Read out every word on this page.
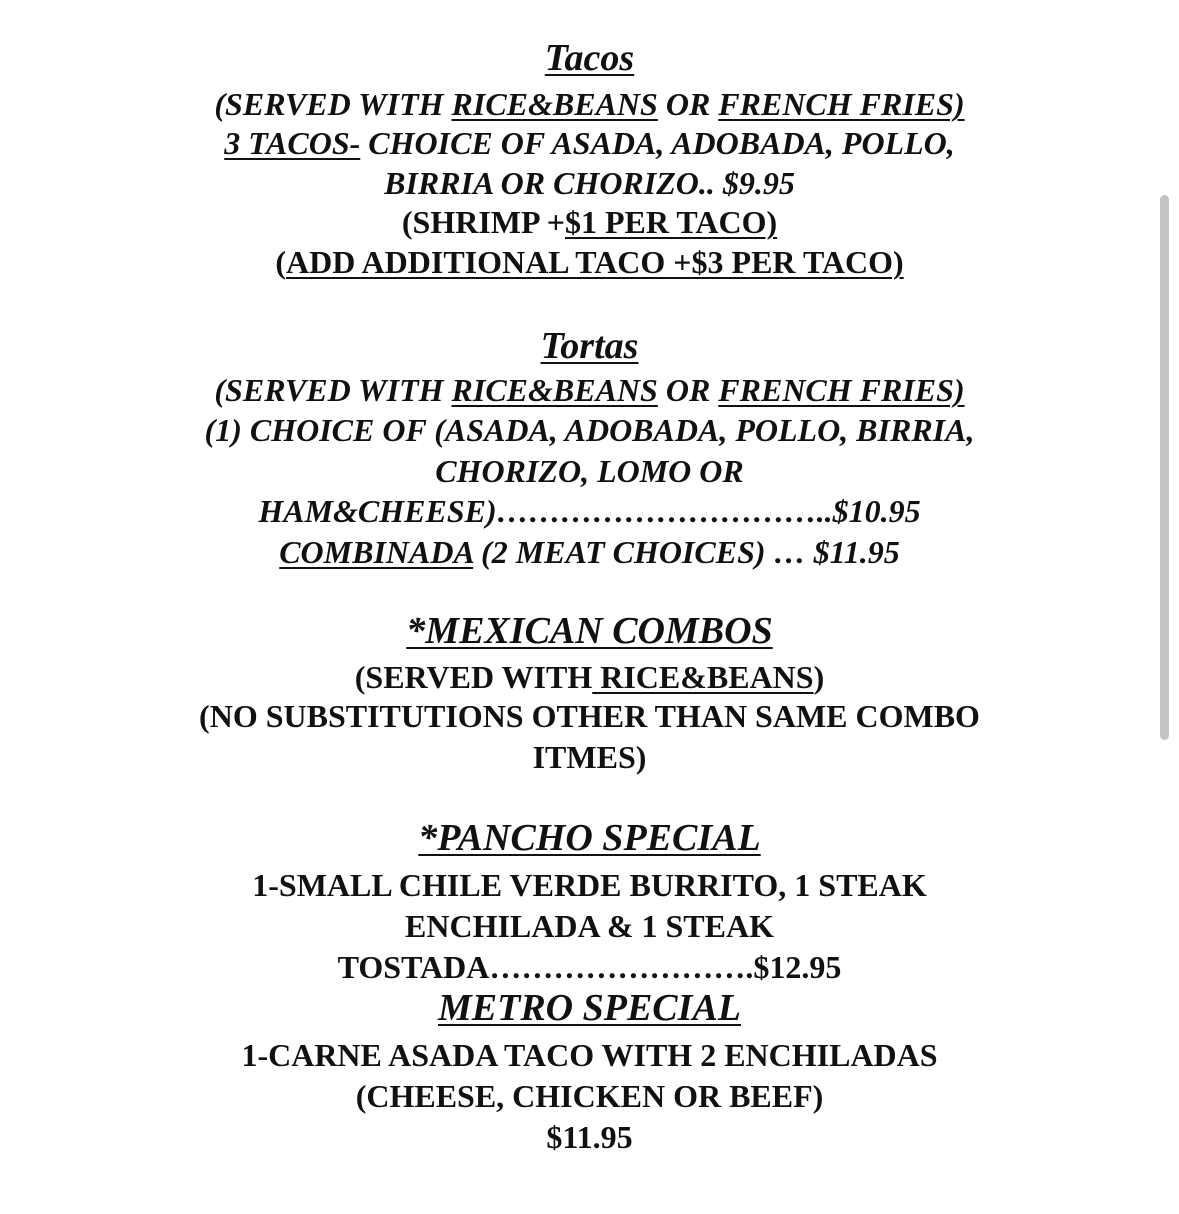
Tacos
(SERVED WITH RICE&BEANS OR FRENCH FRIES)
3 TACOS- CHOICE OF ASADA, ADOBADA, POLLO,
BIRRIA OR CHORIZO.. $9.95
(SHRIMP +$1 PER TACO)
(ADD ADDITIONAL TACO +$3 PER TACO)
Tortas
(SERVED WITH RICE&BEANS OR FRENCH FRIES)
(1) CHOICE OF (ASADA, ADOBADA, POLLO, BIRRIA,
CHORIZO, LOMO OR
HAM&CHEESE)…………………………..$10.95
COMBINADA (2 MEAT CHOICES) … $11.95
*MEXICAN COMBOS
(SERVED WITH RICE&BEANS)
(NO SUBSTITUTIONS OTHER THAN SAME COMBO
ITMES)
*PANCHO SPECIAL
1-SMALL CHILE VERDE BURRITO, 1 STEAK
ENCHILADA & 1 STEAK
TOSTADA…………………….$12.95
METRO SPECIAL
1-CARNE ASADA TACO WITH 2 ENCHILADAS
(CHEESE, CHICKEN OR BEEF)
$11.95
